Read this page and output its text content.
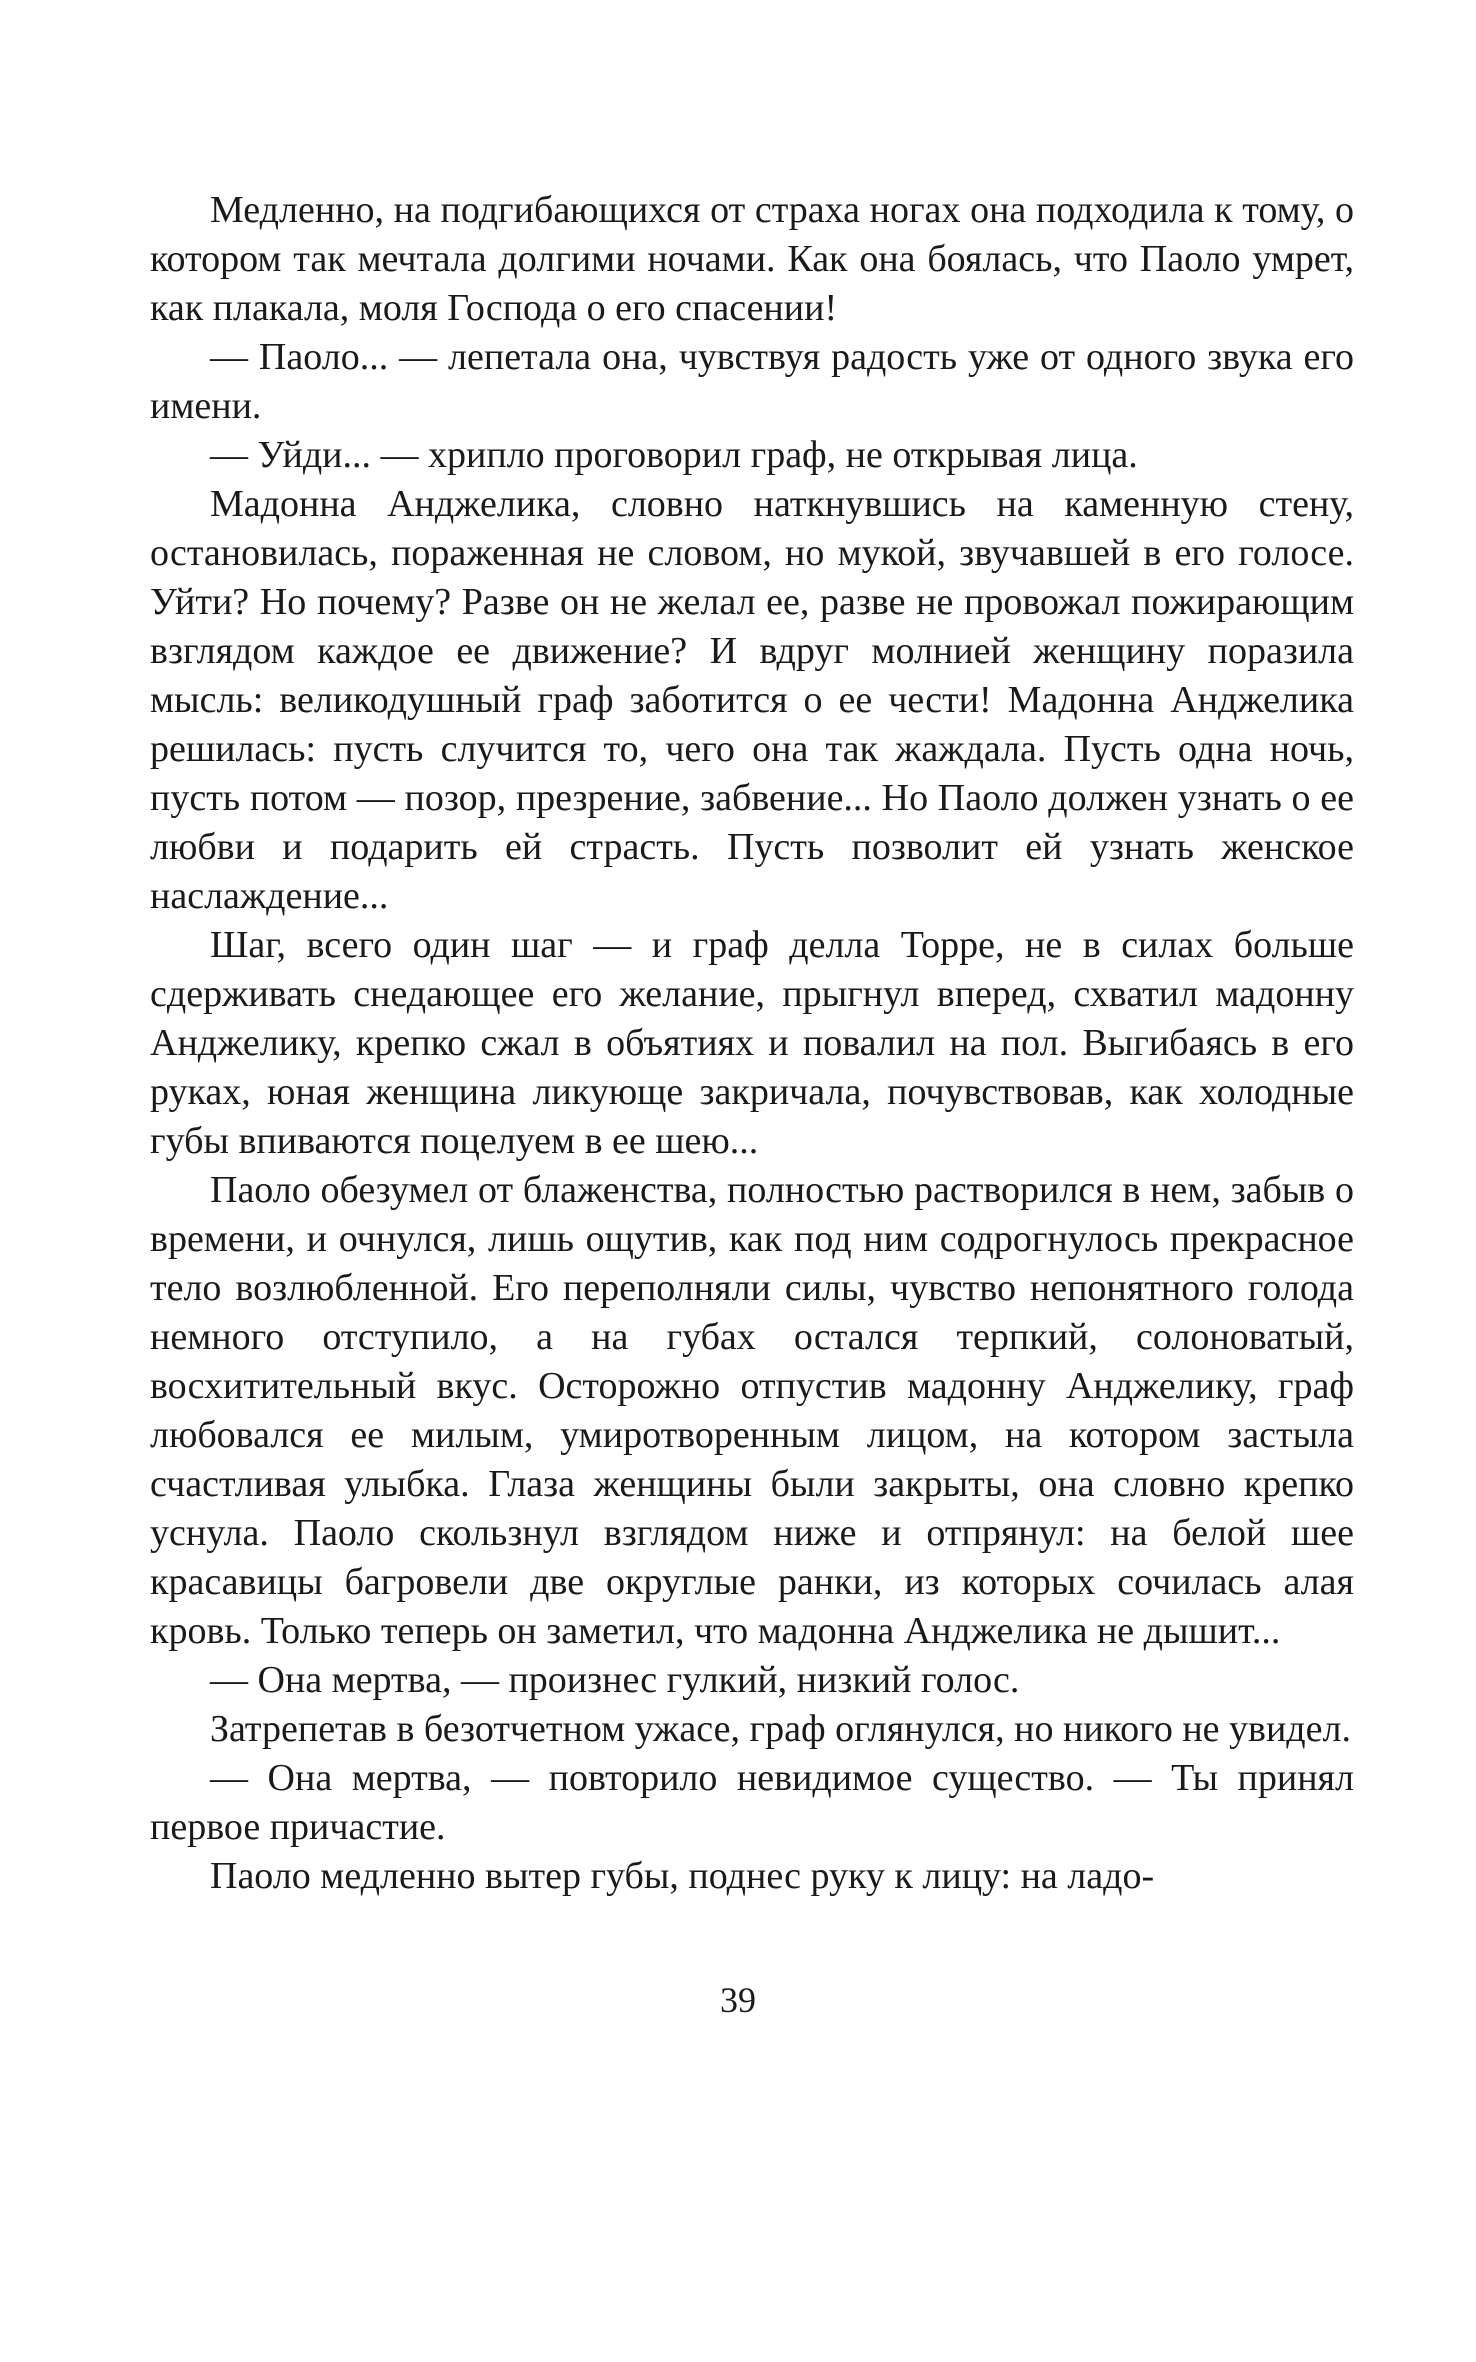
Медленно, на подгибающихся от страха ногах она подходила к тому, о котором так мечтала долгими ночами. Как она боялась, что Паоло умрет, как плакала, моля Господа о его спасении!

— Паоло... — лепетала она, чувствуя радость уже от одного звука его имени.

— Уйди... — хрипло проговорил граф, не открывая лица.

Мадонна Анджелика, словно наткнувшись на каменную стену, остановилась, пораженная не словом, но мукой, звучавшей в его голосе. Уйти? Но почему? Разве он не желал ее, разве не провожал пожирающим взглядом каждое ее движение? И вдруг молнией женщину поразила мысль: великодушный граф заботится о ее чести! Мадонна Анджелика решилась: пусть случится то, чего она так жаждала. Пусть одна ночь, пусть потом — позор, презрение, забвение... Но Паоло должен узнать о ее любви и подарить ей страсть. Пусть позволит ей узнать женское наслаждение...

Шаг, всего один шаг — и граф делла Торре, не в силах больше сдерживать снедающее его желание, прыгнул вперед, схватил мадонну Анджелику, крепко сжал в объятиях и повалил на пол. Выгибаясь в его руках, юная женщина ликующе закричала, почувствовав, как холодные губы впиваются поцелуем в ее шею...

Паоло обезумел от блаженства, полностью растворился в нем, забыв о времени, и очнулся, лишь ощутив, как под ним содрогнулось прекрасное тело возлюбленной. Его переполняли силы, чувство непонятного голода немного отступило, а на губах остался терпкий, солоноватый, восхитительный вкус. Осторожно отпустив мадонну Анджелику, граф любовался ее милым, умиротворенным лицом, на котором застыла счастливая улыбка. Глаза женщины были закрыты, она словно крепко уснула. Паоло скользнул взглядом ниже и отпрянул: на белой шее красавицы багровели две округлые ранки, из которых сочилась алая кровь. Только теперь он заметил, что мадонна Анджелика не дышит...

— Она мертва, — произнес гулкий, низкий голос.

Затрепетав в безотчетном ужасе, граф оглянулся, но никого не увидел.

— Она мертва, — повторило невидимое существо. — Ты принял первое причастие.

Паоло медленно вытер губы, поднес руку к лицу: на ладо-

39
